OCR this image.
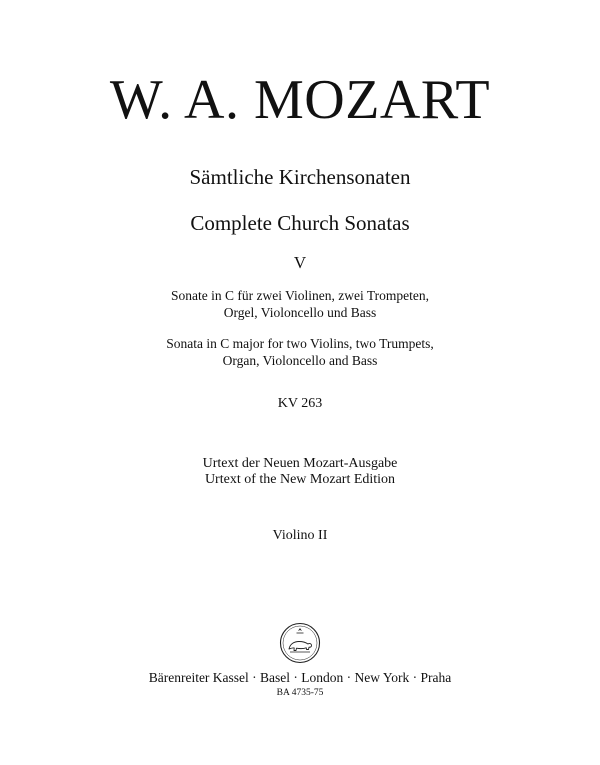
W. A. MOZART
Sämtliche Kirchensonaten
Complete Church Sonatas
V
Sonate in C für zwei Violinen, zwei Trompeten,
Orgel, Violoncello und Bass
Sonata in C major for two Violins, two Trumpets,
Organ, Violoncello and Bass
KV 263
Urtext der Neuen Mozart-Ausgabe
Urtext of the New Mozart Edition
Violino II
Bärenreiter Kassel · Basel · London · New York · Praha
BA 4735-75
